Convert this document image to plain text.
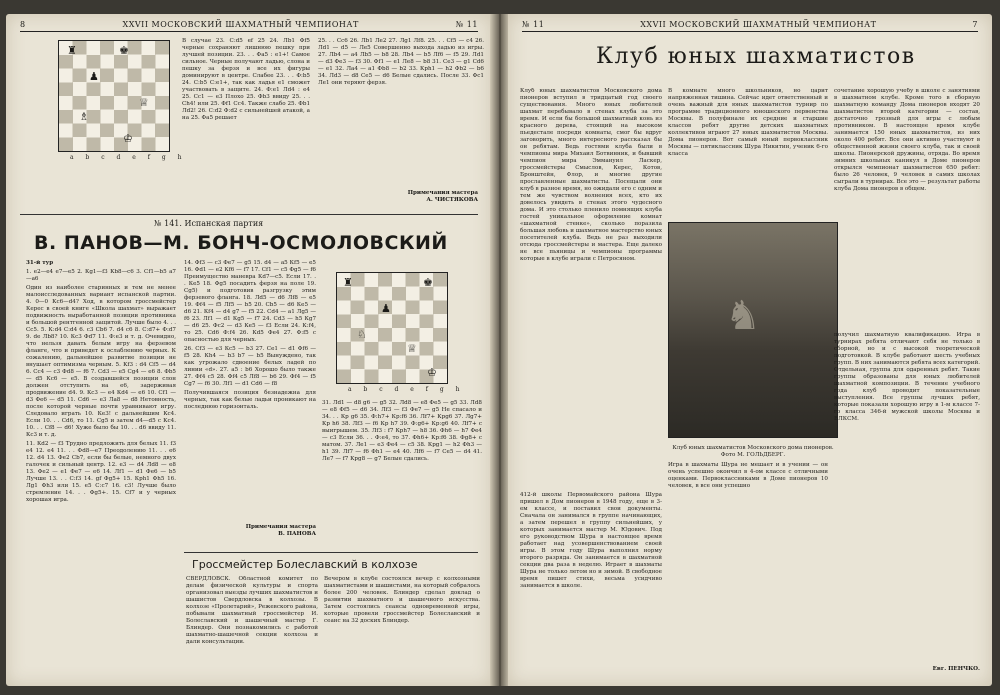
8	XXVII МОСКОВСКИЙ ШАХМАТНЫЙ ЧЕМПИОНАТ	№ 11
♚
♜
♟
♕
♗
♔
a b c d e f g h

В случае 23. С:d5 ef 25 24. Лb1 Фf5 черные сохраняют лишнюю пешку при лучшей позиции. 23. . . Фa5 : e1+! Самое сильное. Черные получают ладью, слона и пешку за ферзя и все их фигуры доминируют в центре. Слабее 23. . . Ф:b5 24. С:b5 С:e1+, так как ладья e1 сможет участвовать в защите. 24. Ф:e1 Лd4 : e4 25. Сс1 — e3 Плохо 25. Фb3 ввиду 25. . . Сh4! или 25. Фf1 Сс4. Также слабо 25. Фb1 Лd2! 26. С:d2 Ф:d2 с сильнейшей атакой, а на 25. Фа5 решает

25. . . Сс6 26. Лb1 Ле2 27. Лg1 Лf8. 25. . . Сf5 — с4 26. Лd1 — d5 — Лe5 Совершенно выхода ладью из игры. 27. Лb4 — a4 Лb5 — b8 28. Лb4 — b5 Лf6 — f5 29. Лd1 — d3 Фe3 — f3 30. Фf1 — e1 Ле8 — b8 31. Сe3 — g1 Сd6 — e1 32. Лa4 — a1 Фb8 — b2 33. Крh1 — h2 Фb2 — b6 34. Лd3 — d8 Сe5 — d6 Белые сдались. После 33. Фс1 Ле1 они теряют ферзя.

Примечания мастера
А. ЧИСТЯКОВА
№ 141. Испанская партия
В. ПАНОВ—М. БОНЧ-ОСМОЛОВСКИЙ

31-й тур

1. e2—e4 e7—e5 2. Кg1—f3 Кb8—c6 3. Сf1—b5 a7—a6

Один из наиболее старинных и тем не менее малоисследованных вариант испанской партии. 4. 0—0 Кc6—d4? Ход, в котором гроссмейстер Керес в своей книге «Школа шахмат» выражает подвижность выработанной позиции противника и большой рентгенной защитой. Лучше было 4. . . Сс5. 5. К:d4 С:d4 6. c3 Сb6 7. d4 c6 8. С:d7+ Ф:d7 9. de Лb8? 10. Кc3 Фd7 11. Ф:e3 и т. д. Очевидно, что нельзя давать белым игру на ферзевом фланге, что и приведет к ослаблению черных. К сожалению, дальнейшее развитие позиции не внушает оптимизма черным. 5. Кf3 : d4 Сf5 — d4 6. Сс4 — c3 Фd8 — f6 7. Сd3 — e5 Сg4 — e6 8. Фb5 — d5 Кс6 — e5. В создавшейся позиции слон должен отступить на e6, задерживая продвижение d4. 9. Кс3 — e4 Кd4 — e6 10. Сf1 — d3 Фe6 — d5 11. Сd6 — e3 Лa8 — d8 Нетовность, после которой черные почти уравнивают игру. Следовало играть 10. Кe3! с дальнейшим Кc4. Если 10. . . Сd6, то 11. Сg5 и затем d4—d5 с Кс4. 10. . . Сf8 — d6! Хуже было бы 10. . . d6 ввиду 11. Кс3 и т. д.

11. Кd2 — f3 Трудно предложить для белых 11. f3 e4 12. e4 11. . . Фd8—e7 Преодолению 11. . . e6 12. d4 13. Фe2 Сb7, если бы белые, немного двух галочек и сильный центр. 12. e3 — d4 Лd8 — e8 13. Фe2 — e1 Фe7 — e6 14. Лf1 — d1 Фe6 — b5 Лучше 13. . . С:f3 14. gf Фg5+ 15. Крh1 Фh5 16. Лg1 Фh3 или 15. e5 С:c7 16. с3! Лучше было стремление 14. . . Фg5+. 15. Сf7 и у черных хорошая игра.

14. Фf3 — c3 Фe7 — g5 15. d4 — a5 Кf5 — e5 16. Фd1 — e2 Кf6 — f7 17. Сf1 — c5 Фg5 — f6 Преимущество маневра Кd7—c5. Если 17. . . Кe5 18. Фg5 посадить ферзя на поле 19. Сg5) и подготовив разгрузку этим ферзевого фланга. 18. Лd5 — d6 Лf8 — e5 19. Фf4 — f5 Лf5 — b5 20. Сb5 — d6 Кe5 — d6 21. Кf4 — d4 g7 — f5 22. Сd4 — a1 Лg5 — f6 23. Лf1 — d1 Кg5 — f7 24. Сd3 — h5 Кg7 — d6 25. Фс2 — d3 Кe5 — f3 Если 24. К:f4, то 25. Сd6 Ф:f4 26. Кd5 Фe4 27. Ф:f5 с опасностью для черных.

26. Сf3 — e3 Кc5 — b3 27. Сe1 — d1 Фf6 — f5 28. Кh4 — b3 b7 — b5 Вынуждено, так как угрожало сдвоение белых ладей по линии «d». 27. a5 : b6 Хорошо было также 27. Фf4 c5 28. Фf4 c5 Лf8 — b6 29. Фf4 — f5 Сg7 — f6 30. Лf1 — d1 Сd6 — f8

Получившаяся позиция безнадежна для черных, так как белые ладьи проникают на последнюю горизонталь.

Примечания мастера
В. ПАНОВА
♜	♚
♟
♘
♕
♔
a b c d e f g h

31. Лd1 — d8 g6 — g5 32. Лd8 — e8 Фe5 — g5 33. Лd8 — e8 Фf5 — d6 34. Лf3 — f3 Фe7 — g5 Не спасало и 34. . . Кр g6 35. Ф:h7+ Кр:f6 36. Лf7+ Кpg6 37. Лg7+ Кр h6 38. Лf3 — f6 Кp h7 39. Ф:g6+ Кр:g6 40. Лf7+ с выигрышем. 35. Лf3 : f7 Кph7 — h8 36. Фh6 — h7 Фe4 — c3 Если 36. . . Ф:e4, то 37. Фh6+ Кр:f6 38. Фg8+ с матом. 37. Ле1 — e3 Фe4 — c5 38. Кpg1 — h2 Фh3 — h1 39. Лf7 — f6 Фh1 — e4 40. Лf6 — f7 Сe5 — d4 41. Лe7 — f7 Кpg8 — g7 Белые сдались.

Гроссмейстер Болеславский в колхозе

СВЕРДЛОВСК. Областной комитет по делам физической культуры и спорта организовал выезды лучших шахматистов и шашистов Свердловска в колхозы. В колхозе «Пролетарий», Режевского района, побывали шахматный гроссмейстер И. Болеславский и шашечный мастер Г. Блиндер. Они познакомились с работой шахматно-шашечной секции колхоза и дали консультации.

Вечером в клубе состоялся вечер с колхозными шахматистами и шашистами, на который собралось более 200 человек. Блиндер сделал доклад о развитии шахматного и шашечного искусства. Затем состоялись сеансы одновременной игры, которые провели гроссмейстер Болеславский и сеанс на 32 доских Блиндер.

№ 11	XXVII МОСКОВСКИЙ ШАХМАТНЫЙ ЧЕМПИОНАТ	7
Клуб юных шахматистов

Клуб юных шахматистов Московского дома пионеров вступил в тридцатый год своего существования. Много юных любителей шахмат перебывало в стенах клуба за это время. И если бы большой шахматный конь из красного дерева, стоящий на высоком пьедестале посреди комнаты, смог бы вдруг заговорить, много интересного рассказал бы он ребятам. Ведь гостями клуба были в чемпионы мира Михаил Ботвинник, и бывший чемпион мира Эммануил Ласкер, гроссмейстеры Смыслов, Керес, Котов, Бронштейн, Флор, и многие другие прославленные шахматисты. Посещали они клуб в разное время, но ожидали его с одним и тем же чувством волнения всех, кто их довелось увидеть в стенах этого чудесного дома. И это столько пленило помнящих клуба гостей уникальное оформление комнат «шахматной стенке», сколько поразила большая любовь и шахматное мастерство юных посетителей клуба. Ведь не раз выходили отсюда гроссмейстеры и мастера. Еще далеко не все пьяницы и чемпионы программы которые в клубе играли с Петросяном.

В комнате много школьников, но царит напряженная тишина. Сейчас идет ответственный и очень важный для юных шахматистов турнир по программе традиционного юношеского первенства Москвы. В полуфинале их средние и старшие классов ребят другие детских шахматных коллективов играют 27 юных шахматистов Москвы. Дома пионеров. Вот самый юный первоклассник Москвы — пятиклассник Шура Никитин, ученик 6-го класса

сочетание хорошую учебу в школе с занятиями в шахматном клубе. Кроме того в сборную шахматную команду Дома пионеров входят 20 шахматистов второй категории — состав, достаточно грозный для игры с любым противником. В настоящее время клубе занимается 150 юных шахматистов, из них около 400 ребят. Все они активно участвуют в общественной жизни своего клуба, так и своей школы. Пионерской дружины, отряда. Во время зимних школьных каникул в Доме пионеров открылся чемпионат шахматистов 650 ребят: было 26 человек, 9 человек в самих школах сыграли в турнирах. Все это — результат работы клуба Дома пионеров в общем.

♞
Клуб юных шахматистов Московского дома пионеров. Фото М. ГОЛЬДБЕРГ.

412-й школы Первомайского района Шура пришел в Дом пионеров в 1948 году, еще в 3-ем классе, и поставил свои документы. Сначала он занимался в группе начинающих, а затем перешел в группу сильнейших, у которых занимается мастер М. Юдович. Под его руководством Шура в настоящее время работает над усовершенствованием своей игры. В этом году Шура выполнил норму второго разряда. Он занимается в шахматной секции два раза в неделю. Играет в шахматы Шура не только летом но и зимой. В свободное время пишет стихи, весьма усидчиво занимается в школе.

Игра в шахматы Шура не мешает и в учении — он очень успешно окончил в 4-ом классе с отличными оценками. Первоклассниками в Доме пионеров 10 человек, в все они успешно

получил шахматную квалификацию. Игра в турнирах ребята отличают себя не только в сборной, но и с высокой теоретической подготовкой. В клубе работают шесть учебных групп. В них занимаются ребята всех категорий. Отдельная, группа для одаренных ребят. Такие группы образованы для юных любителей шахматной композиции. В течение учебного года клуб проводит показательные выступления. Все группы лучших ребят, которые показали хорошую игру в 1-м классе 7-го класса 346-й мужской школы Москвы и ВЛКСМ.

Евг. ПЕНЧКО.
